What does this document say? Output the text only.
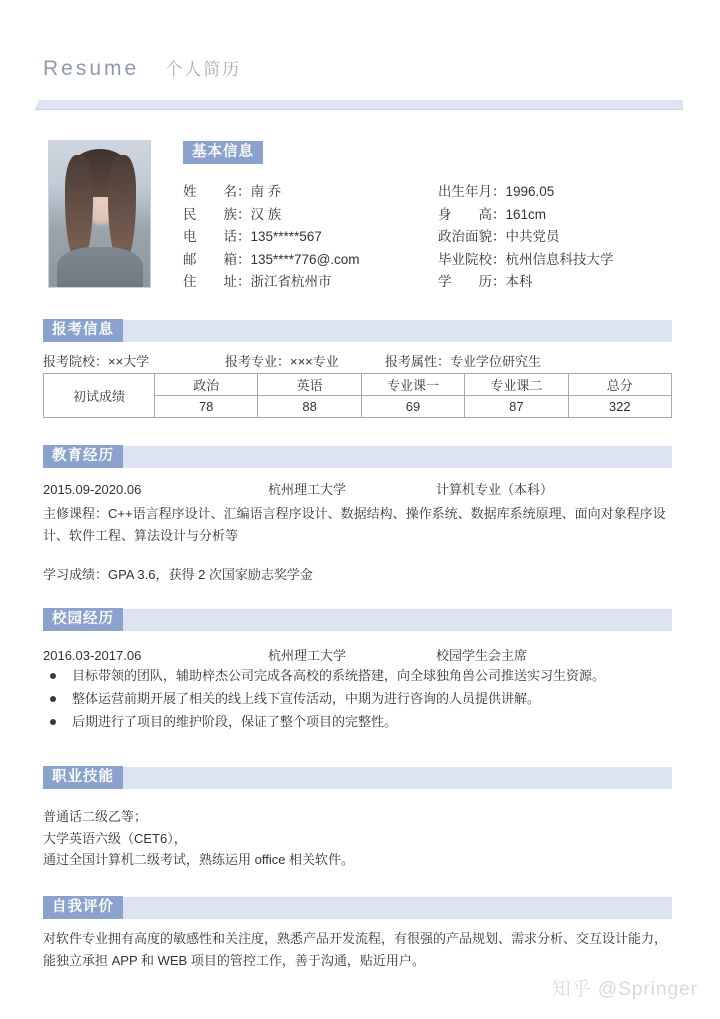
Resume 个人简历
基本信息
姓　　名：南 乔	出生年月：1996.05
民　　族：汉 族	身　　高：161cm
电　　话：135*****567	政治面貌：中共党员
邮　　箱：135****776@.com	毕业院校：杭州信息科技大学
住　　址：浙江省杭州市	学　　历：本科
报考信息
报考院校：××大学	报考专业：×××专业	报考属性：专业学位研究生
初试成绩	政治	英语	专业课一	专业课二	总分
	78	88	69	87	322
教育经历
2015.09-2020.06	杭州理工大学	计算机专业（本科）

主修课程：C++语言程序设计、汇编语言程序设计、数据结构、操作系统、数据库系统原理、面向对象程序设计、软件工程、算法设计与分析等

学习成绩：GPA 3.6，获得 2 次国家励志奖学金

校园经历
2016.03-2017.06	杭州理工大学	校园学生会主席
目标带领的团队，辅助梓杰公司完成各高校的系统搭建，向全球独角兽公司推送实习生资源。
整体运营前期开展了相关的线上线下宣传活动，中期为进行咨询的人员提供讲解。
后期进行了项目的维护阶段，保证了整个项目的完整性。
职业技能

普通话二级乙等；

大学英语六级（CET6），

通过全国计算机二级考试，熟练运用 office 相关软件。

自我评价

对软件专业拥有高度的敏感性和关注度，熟悉产品开发流程，有很强的产品规划、需求分析、交互设计能力，能独立承担 APP 和 WEB 项目的管控工作，善于沟通，贴近用户。

知乎 @Springer
